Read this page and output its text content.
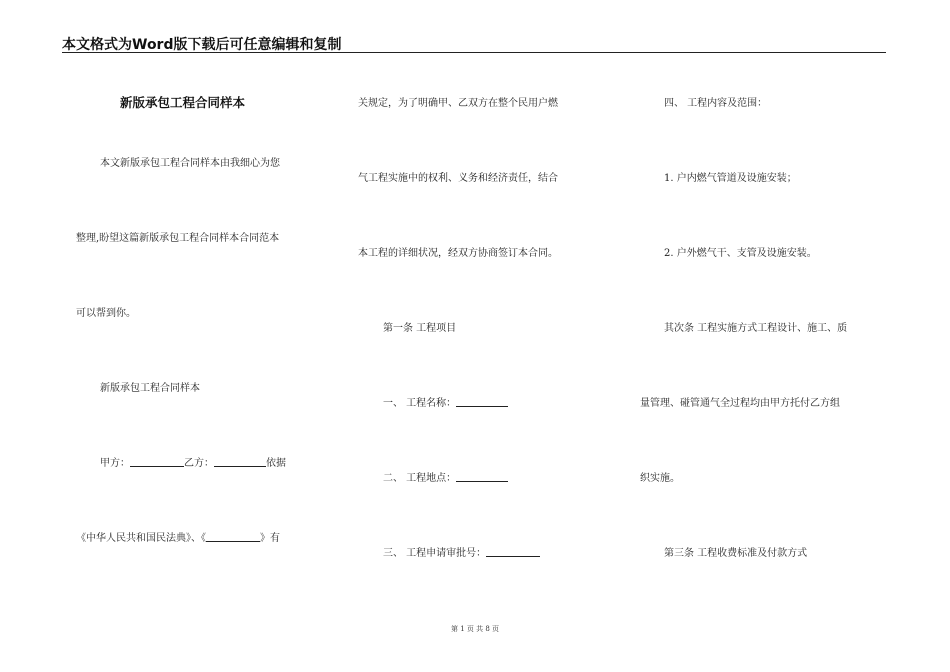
本文格式为Word版下载后可任意编辑和复制
新版承包工程合同样本
本文新版承包工程合同样本由我细心为您
整理,盼望这篇新版承包工程合同样本合同范本
可以帮到你。
新版承包工程合同样本
甲方：	乙方：	依据
《中华人民共和国民法典》、《	》有
关规定，为了明确甲、乙双方在整个民用户燃
气工程实施中的权利、义务和经济责任，结合
本工程的详细状况，经双方协商签订本合同。
第一条 工程项目
一、 工程名称：
二、 工程地点：
三、 工程申请审批号：
四、 工程内容及范围：
1. 户内燃气管道及设施安装；
2. 户外燃气干、支管及设施安装。
其次条 工程实施方式工程设计、施工、质
量管理、碰管通气全过程均由甲方托付乙方组
织实施。
第三条 工程收费标准及付款方式
第 1 页 共 8 页
